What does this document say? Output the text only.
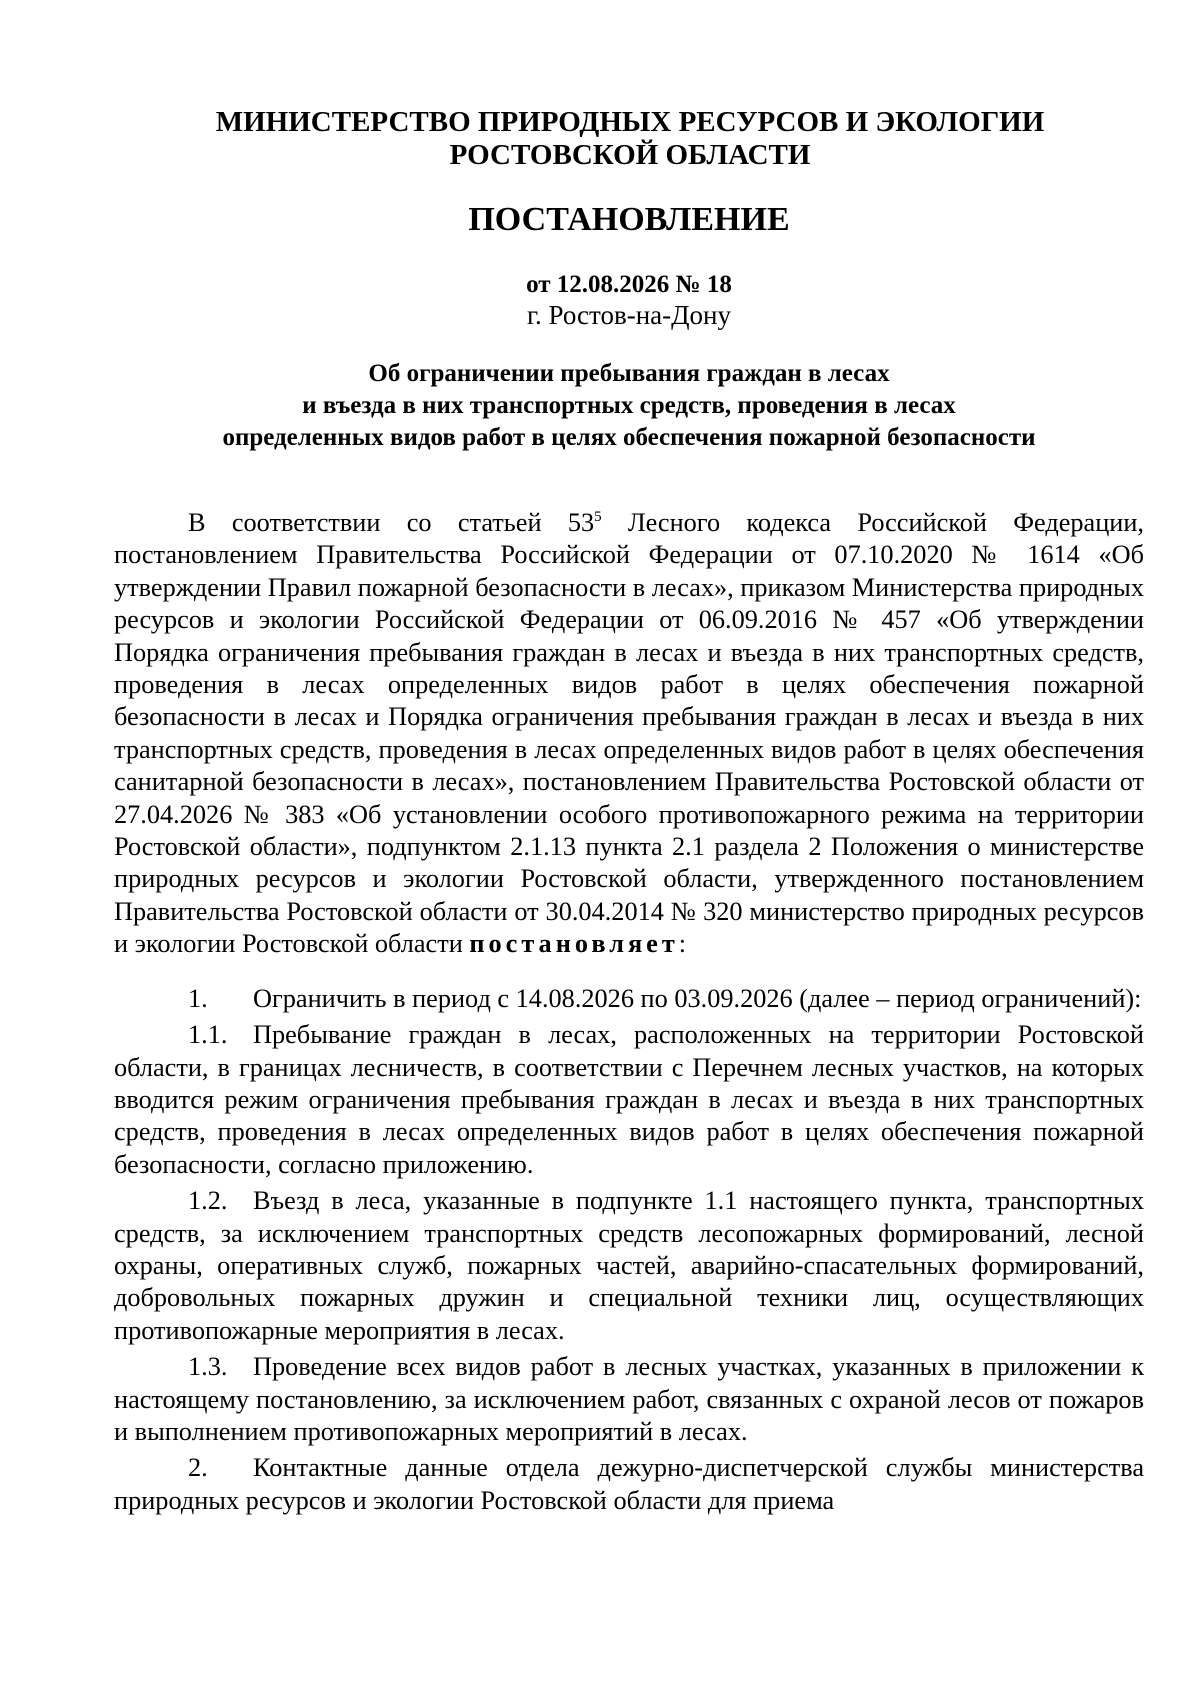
МИНИСТЕРСТВО ПРИРОДНЫХ РЕСУРСОВ И ЭКОЛОГИИ
РОСТОВСКОЙ ОБЛАСТИ
ПОСТАНОВЛЕНИЕ
от 12.08.2026 № 18
г. Ростов-на-Дону
Об ограничении пребывания граждан в лесах
и въезда в них транспортных средств, проведения в лесах
определенных видов работ в целях обеспечения пожарной безопасности

В соответствии со статьей $53^5$ Лесного кодекса Российской Федерации, постановлением Правительства Российской Федерации от 07.10.2020 № 1614 «Об утверждении Правил пожарной безопасности в лесах», приказом Министерства природных ресурсов и экологии Российской Федерации от 06.09.2016 № 457 «Об утверждении Порядка ограничения пребывания граждан в лесах и въезда в них транспортных средств, проведения в лесах определенных видов работ в целях обеспечения пожарной безопасности в лесах и Порядка ограничения пребывания граждан в лесах и въезда в них транспортных средств, проведения в лесах определенных видов работ в целях обеспечения санитарной безопасности в лесах», постановлением Правительства Ростовской области от 27.04.2026 № 383 «Об установлении особого противопожарного режима на территории Ростовской области», подпунктом 2.1.13 пункта 2.1 раздела 2 Положения о министерстве природных ресурсов и экологии Ростовской области, утвержденного постановлением Правительства Ростовской области от 30.04.2014 № 320 министерство природных ресурсов и экологии Ростовской области постановляет:

1. Ограничить в период с 14.08.2026 по 03.09.2026 (далее – период ограничений):

1.1. Пребывание граждан в лесах, расположенных на территории Ростовской области, в границах лесничеств, в соответствии с Перечнем лесных участков, на которых вводится режим ограничения пребывания граждан в лесах и въезда в них транспортных средств, проведения в лесах определенных видов работ в целях обеспечения пожарной безопасности, согласно приложению.

1.2. Въезд в леса, указанные в подпункте 1.1 настоящего пункта, транспортных средств, за исключением транспортных средств лесопожарных формирований, лесной охраны, оперативных служб, пожарных частей, аварийно-спасательных формирований, добровольных пожарных дружин и специальной техники лиц, осуществляющих противопожарные мероприятия в лесах.

1.3. Проведение всех видов работ в лесных участках, указанных в приложении к настоящему постановлению, за исключением работ, связанных с охраной лесов от пожаров и выполнением противопожарных мероприятий в лесах.

2. Контактные данные отдела дежурно-диспетчерской службы министерства природных ресурсов и экологии Ростовской области для приема
